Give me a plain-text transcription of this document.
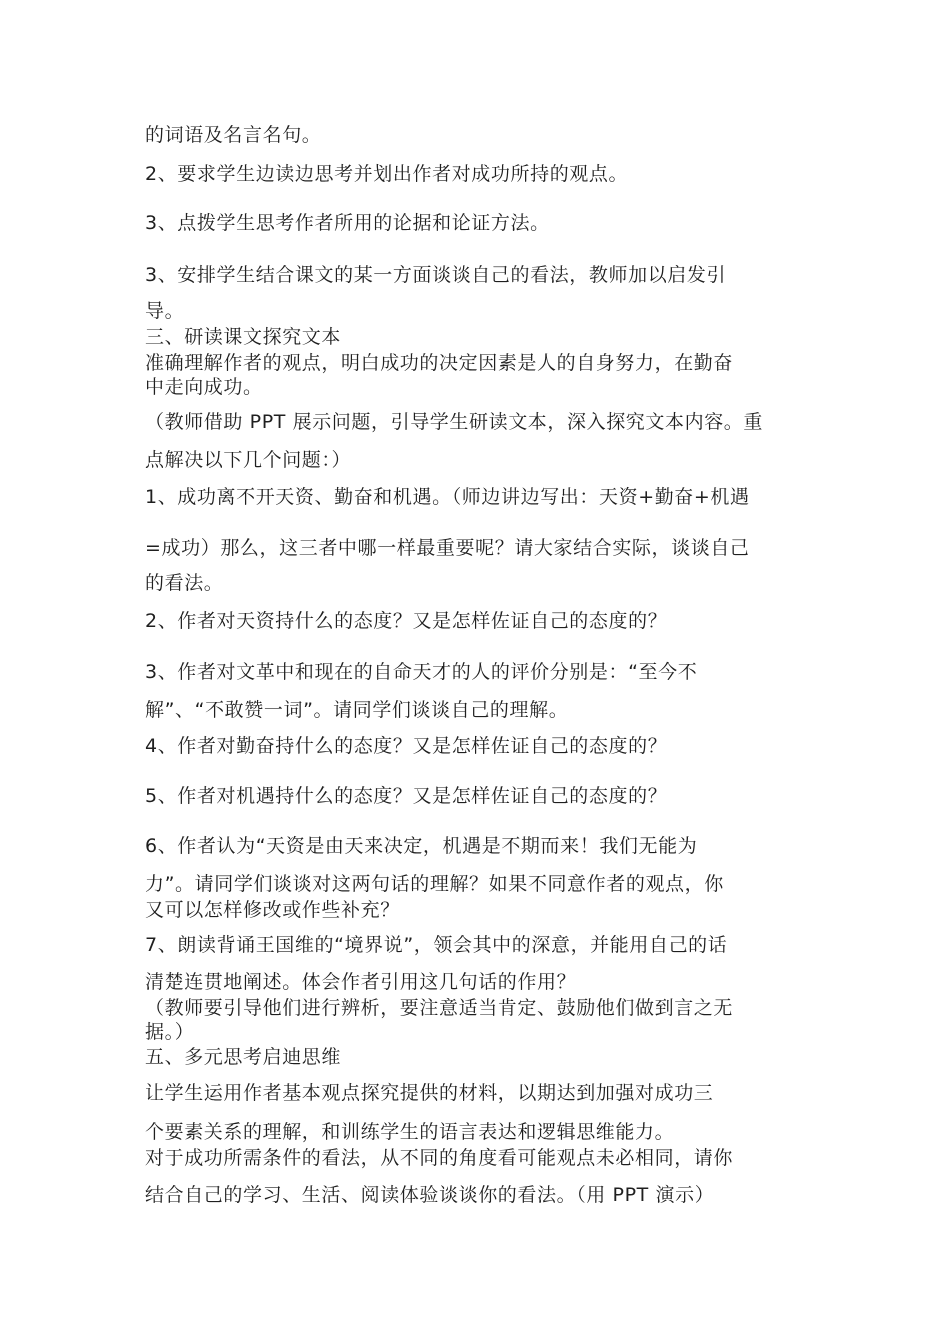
的词语及名言名句。
2、要求学生边读边思考并划出作者对成功所持的观点。
3、点拨学生思考作者所用的论据和论证方法。
3、安排学生结合课文的某一方面谈谈自己的看法，教师加以启发引
导。
三、研读课文探究文本
准确理解作者的观点，明白成功的决定因素是人的自身努力，在勤奋
中走向成功。
（教师借助 PPT 展示问题，引导学生研读文本，深入探究文本内容。重
点解决以下几个问题：）
1、成功离不开天资、勤奋和机遇。（师边讲边写出：天资+勤奋+机遇
=成功）那么，这三者中哪一样最重要呢？请大家结合实际，谈谈自己
的看法。
2、作者对天资持什么的态度？又是怎样佐证自己的态度的？
3、作者对文革中和现在的自命天才的人的评价分别是：“至今不
解”、“不敢赞一词”。请同学们谈谈自己的理解。
4、作者对勤奋持什么的态度？又是怎样佐证自己的态度的？
5、作者对机遇持什么的态度？又是怎样佐证自己的态度的？
6、作者认为“天资是由天来决定，机遇是不期而来！我们无能为
力”。请同学们谈谈对这两句话的理解？如果不同意作者的观点，你
又可以怎样修改或作些补充？
7、朗读背诵王国维的“境界说”，领会其中的深意，并能用自己的话
清楚连贯地阐述。体会作者引用这几句话的作用？
（教师要引导他们进行辨析，要注意适当肯定、鼓励他们做到言之无
据。）
五、多元思考启迪思维
让学生运用作者基本观点探究提供的材料，以期达到加强对成功三
个要素关系的理解，和训练学生的语言表达和逻辑思维能力。
对于成功所需条件的看法，从不同的角度看可能观点未必相同，请你
结合自己的学习、生活、阅读体验谈谈你的看法。（用 PPT 演示）
